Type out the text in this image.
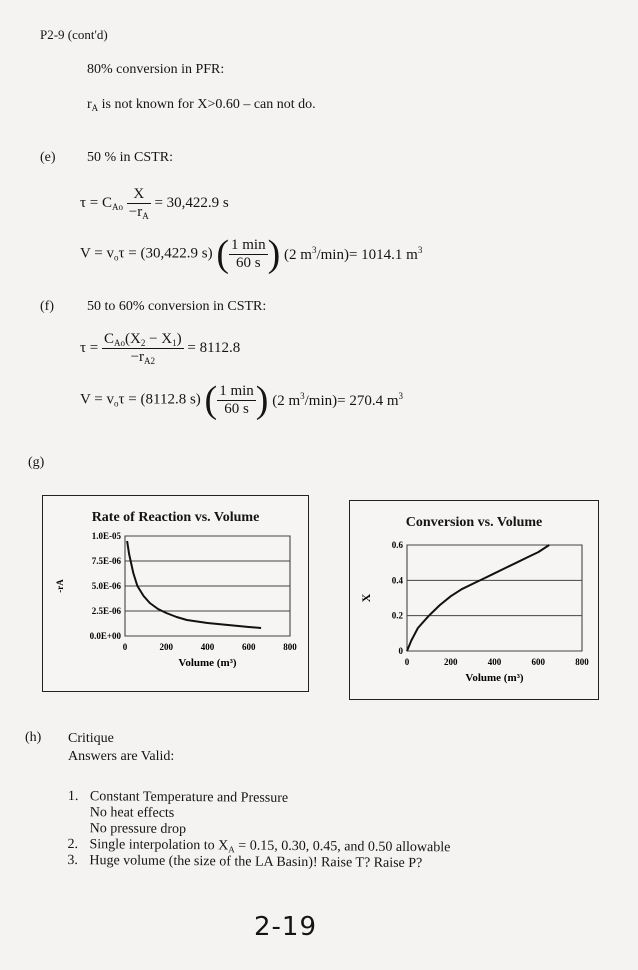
P2-9 (cont'd)
80% conversion in PFR:
$r_A$ is not known for X>0.60 – can not do.
(e) 50 % in CSTR:
$\tau = C_{Ao} \frac{X}{-r_A} = 30,422.9$ s
$V = v_o\tau = (30,422.9$ s) ( $\frac{1 \min}{60 s}$ ) (2 $m^3/\min)= 1014.1$ $m^3$
(f) 50 to 60% conversion in CSTR:
$\tau = \frac{C_{Ao}(X_2 - X_1)}{-r_{A2}} = 8112.8$
$V = v_o\tau = (8112.8$ s) ( $\frac{1 \min}{60 s}$ ) (2 $m^3/\min)= 270.4$ $m^3$
(g)
Rate of Reaction vs. Volume
0.0E+00
2.5E-06
5.0E-06
7.5E-06
1.0E-05
0	200	400	600	800
Volume (m³)
-rA
Conversion vs. Volume
0
0.2
0.4
0.6
0	200	400	600	800
Volume (m³)
X
(h) Critique
Answers are Valid:
1. Constant Temperature and Pressure
No heat effects
No pressure drop
2. Single interpolation to $X_A = 0.15$, 0.30, 0.45, and 0.50 allowable
3. Huge volume (the size of the LA Basin)! Raise T? Raise P?
2-19
